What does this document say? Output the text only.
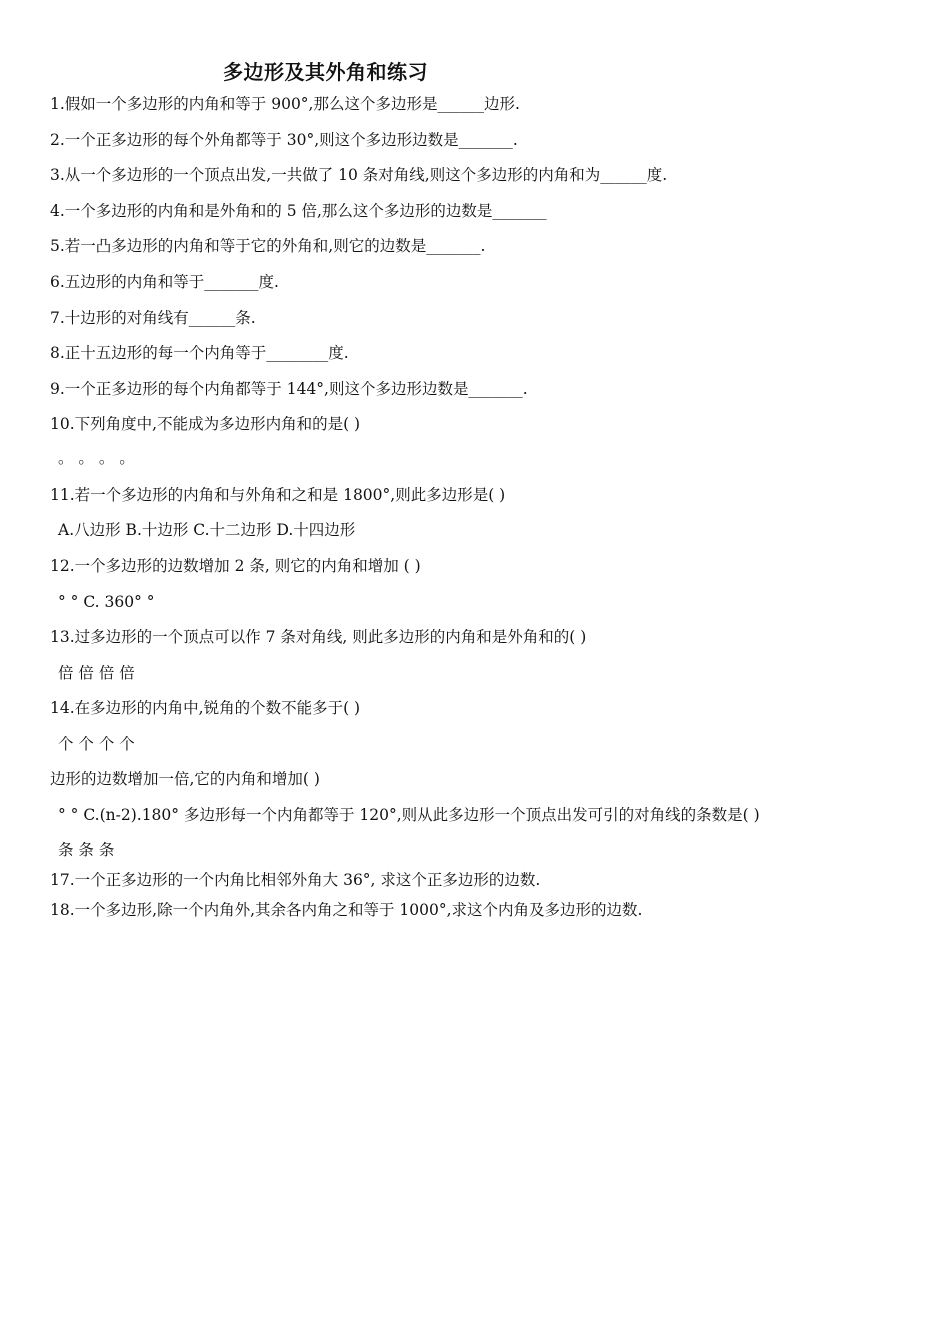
多边形及其外角和练习
1.假如一个多边形的内角和等于 900°,那么这个多边形是______边形.
2.一个正多边形的每个外角都等于 30°,则这个多边形边数是_______.
3.从一个多边形的一个顶点出发,一共做了 10 条对角线,则这个多边形的内角和为______度.
4.一个多边形的内角和是外角和的 5 倍,那么这个多边形的边数是_______
5.若一凸多边形的内角和等于它的外角和,则它的边数是_______.
6.五边形的内角和等于_______度.
7.十边形的对角线有______条.
8.正十五边形的每一个内角等于________度.
9.一个正多边形的每个内角都等于 144°,则这个多边形边数是_______.
10.下列角度中,不能成为多边形内角和的是( )
。 。 。 。
11.若一个多边形的内角和与外角和之和是 1800°,则此多边形是( )
A.八边形 B.十边形 C.十二边形 D.十四边形
12.一个多边形的边数增加 2 条, 则它的内角和增加 ( )
° ° C. 360° °
13.过多边形的一个顶点可以作 7 条对角线, 则此多边形的内角和是外角和的( )
倍 倍 倍 倍
14.在多边形的内角中,锐角的个数不能多于( )
个 个 个 个
边形的边数增加一倍,它的内角和增加( )
° ° C.(n-2).180° 多边形每一个内角都等于 120°,则从此多边形一个顶点出发可引的对角线的条数是( )
条 条 条
17.一个正多边形的一个内角比相邻外角大 36°, 求这个正多边形的边数.
18.一个多边形,除一个内角外,其余各内角之和等于 1000°,求这个内角及多边形的边数.
